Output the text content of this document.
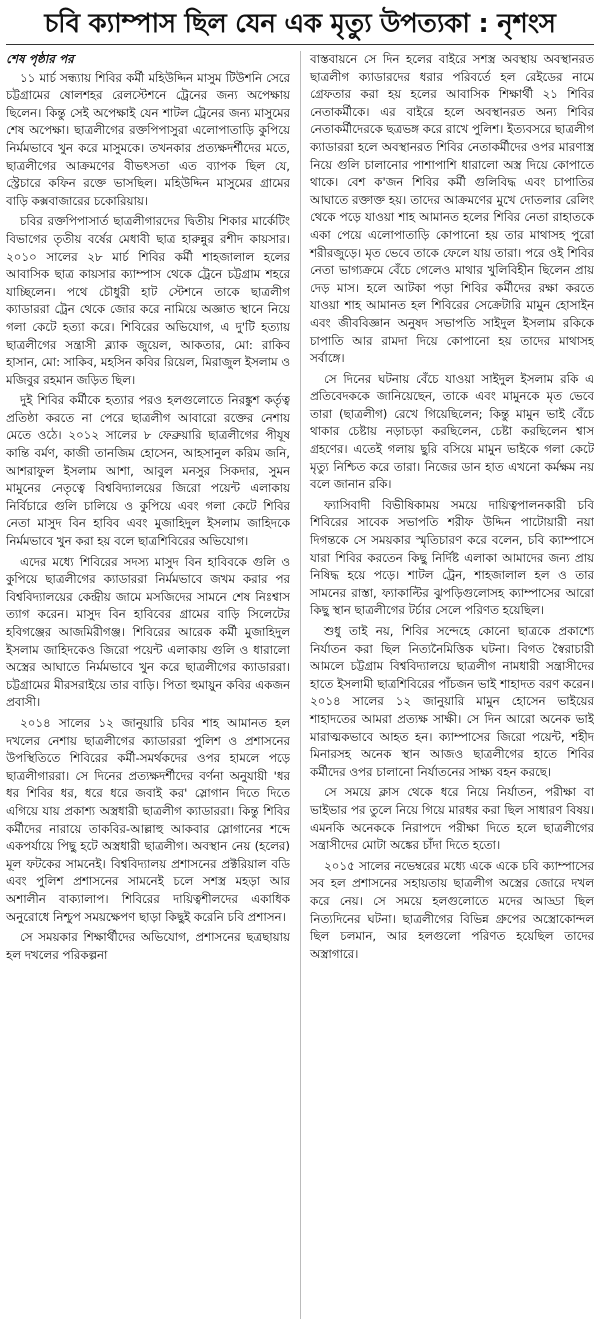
চবি ক্যাম্পাস ছিল যেন এক মৃত্যু উপত্যকা : নৃশংস
শেষ পৃষ্ঠার পর

১১ মার্চ সন্ধ্যায় শিবির কর্মী মহিউদ্দিন মাসুম টিউশনি সেরে চট্টগ্রামের ষোলশহর রেলস্টেশনে ট্রেনের জন্য অপেক্ষায় ছিলেন। কিন্তু সেই অপেক্ষাই যেন শাটল ট্রেনের জন্য মাসুমের শেষ অপেক্ষা। ছাত্রলীগের রক্তপিপাসুরা এলোপাতাড়ি কুপিয়ে নির্মমভাবে খুন করে মাসুমকে। তখনকার প্রত্যক্ষদর্শীদের মতে, ছাত্রলীগের আক্রমণের বীভৎসতা এত ব্যাপক ছিল যে, স্ট্রেচারে কফিন রক্তে ভাসছিল। মহিউদ্দিন মাসুমের গ্রামের বাড়ি কক্সবাজারের চকোরিয়ায়।

চবির রক্তপিপাসার্ত ছাত্রলীগারদের দ্বিতীয় শিকার মার্কেটিং বিভাগের তৃতীয় বর্ষের মেধাবী ছাত্র হারুন্নুর রশীদ কায়সার। ২০১০ সালের ২৮ মার্চ শিবির কর্মী শাহজালাল হলের আবাসিক ছাত্র কায়সার ক্যাম্পাস থেকে ট্রেনে চট্টগ্রাম শহরে যাচ্ছিলেন। পথে চৌধুরী হাট স্টেশনে তাকে ছাত্রলীগ ক্যাডাররা ট্রেন থেকে জোর করে নামিয়ে অজ্ঞাত স্থানে নিয়ে গলা কেটে হত্যা করে। শিবিরের অভিযোগ, এ দু'টি হত্যায় ছাত্রলীগের সন্ত্রাসী ব্ল্যাক জুয়েল, আকতার, মো: রাকিব হাসান, মো: সাকিব, মহসিন কবির রিয়েল, মিরাজুল ইসলাম ও মজিবুর রহমান জড়িত ছিল।

দুই শিবির কর্মীকে হত্যার পরও হলগুলোতে নিরঙ্কুশ কর্তৃত্ব প্রতিষ্ঠা করতে না পেরে ছাত্রলীগ আবারো রক্তের নেশায় মেতে ওঠে। ২০১২ সালের ৮ ফেব্রুয়ারি ছাত্রলীগের পীযূষ কান্তি বর্মণ, কাজী তানজিম হোসেন, আহসানুল করিম জনি, আশরাফুল ইসলাম আশা, আবুল মনসুর সিকদার, সুমন মামুনের নেতৃত্বে বিশ্ববিদ্যালয়ের জিরো পয়েন্ট এলাকায় নির্বিচারে গুলি চালিয়ে ও কুপিয়ে এবং গলা কেটে শিবির নেতা মাসুদ বিন হাবিব এবং মুজাহিদুল ইসলাম জাহিদকে নির্মমভাবে খুন করা হয় বলে ছাত্রশিবিরের অভিযোগ।

এদের মধ্যে শিবিরের সদস্য মাসুদ বিন হাবিবকে গুলি ও কুপিয়ে ছাত্রলীগের ক্যাডাররা নির্মমভাবে জখম করার পর বিশ্ববিদ্যালয়ের কেন্দ্রীয় জামে মসজিদের সামনে শেষ নিঃশ্বাস ত্যাগ করেন। মাসুদ বিন হাবিবের গ্রামের বাড়ি সিলেটের হবিগঞ্জের আজমিরীগঞ্জ। শিবিরের আরেক কর্মী মুজাহিদুল ইসলাম জাহিদকেও জিরো পয়েন্ট এলাকায় গুলি ও ধারালো অস্ত্রের আঘাতে নির্মমভাবে খুন করে ছাত্রলীগের ক্যাডাররা। চট্টগ্রামের মীরসরাইয়ে তার বাড়ি। পিতা হুমায়ুন কবির একজন প্রবাসী।

২০১৪ সালের ১২ জানুয়ারি চবির শাহ আমানত হল দখলের নেশায় ছাত্রলীগের ক্যাডাররা পুলিশ ও প্রশাসনের উপস্থিতিতে শিবিরের কর্মী-সমর্থকদের ওপর হামলে পড়ে ছাত্রলীগাররা। সে দিনের প্রত্যক্ষদর্শীদের বর্ণনা অনুযায়ী 'ধর ধর শিবির ধর, ধরে ধরে জবাই কর' স্লোগান দিতে দিতে এগিয়ে যায় প্রকাশ্য অস্ত্রধারী ছাত্রলীগ ক্যাডাররা। কিন্তু শিবির কর্মীদের নারায়ে তাকবির-আল্লাহু আকবার স্লোগানের শব্দে একপর্যায়ে পিছু হটে অস্ত্রধারী ছাত্রলীগ। অবস্থান নেয় (হলের) মূল ফটকের সামনেই। বিশ্ববিদ্যালয় প্রশাসনের প্রক্টরিয়াল বডি এবং পুলিশ প্রশাসনের সামনেই চলে সশস্ত্র মহড়া আর অশালীন বাক্যালাপ। শিবিরের দায়িত্বশীলদের একাধিক অনুরোধে নিশ্চুপ সময়ক্ষেপণ ছাড়া কিছুই করেনি চবি প্রশাসন।

সে সময়কার শিক্ষার্থীদের অভিযোগ, প্রশাসনের ছত্রছায়ায় হল দখলের পরিকল্পনা

বাস্তবায়নে সে দিন হলের বাইরে সশস্ত্র অবস্থায় অবস্থানরত ছাত্রলীগ ক্যাডারদের ধরার পরিবর্তে হল রেইডের নামে গ্রেফতার করা হয় হলের আবাসিক শিক্ষার্থী ২১ শিবির নেতাকর্মীকে। এর বাইরে হলে অবস্থানরত অন্য শিবির নেতাকর্মীদেরকে ছত্রভঙ্গ করে রাখে পুলিশ। ইত্যবসরে ছাত্রলীগ ক্যাডাররা হলে অবস্থানরত শিবির নেতাকর্মীদের ওপর মারণাস্ত্র নিয়ে গুলি চালানোর পাশাপাশি ধারালো অস্ত্র দিয়ে কোপাতে থাকে। বেশ ক'জন শিবির কর্মী গুলিবিদ্ধ এবং চাপাতির আঘাতে রক্তাক্ত হয়। তাদের আক্রমণের মুখে দোতলার রেলিং থেকে পড়ে যাওয়া শাহ আমানত হলের শিবির নেতা রাহাতকে একা পেয়ে এলোপাতাড়ি কোপানো হয় তার মাথাসহ পুরো শরীরজুড়ে। মৃত ভেবে তাকে ফেলে যায় তারা। পরে ওই শিবির নেতা ভাগ্যক্রমে বেঁচে গেলেও মাথার খুলিবিহীন ছিলেন প্রায় দেড় মাস। হলে আটকা পড়া শিবির কর্মীদের রক্ষা করতে যাওয়া শাহ আমানত হল শিবিরের সেক্রেটারি মামুন হোসাইন এবং জীববিজ্ঞান অনুষদ সভাপতি সাইদুল ইসলাম রকিকে চাপাতি আর রামদা দিয়ে কোপানো হয় তাদের মাথাসহ সর্বাঙ্গে।

সে দিনের ঘটনায় বেঁচে যাওয়া সাইদুল ইসলাম রকি এ প্রতিবেদককে জানিয়েছেন, তাকে এবং মামুনকে মৃত ভেবে তারা (ছাত্রলীগ) রেখে গিয়েছিলেন; কিন্তু মামুন ভাই বেঁচে থাকার চেষ্টায় নড়াচড়া করছিলেন, চেষ্টা করছিলেন শ্বাস গ্রহণের। এতেই গলায় ছুরি বসিয়ে মামুন ভাইকে গলা কেটে মৃত্যু নিশ্চিত করে তারা। নিজের ডান হাত এখনো কর্মক্ষম নয় বলে জানান রকি।

ফ্যাসিবাদী বিভীষিকাময় সময়ে দায়িত্বপালনকারী চবি শিবিরের সাবেক সভাপতি শরীফ উদ্দিন পাটোয়ারী নয়া দিগন্তকে সে সময়কার স্মৃতিচারণ করে বলেন, চবি ক্যাম্পাসে যারা শিবির করতেন কিছু নির্দিষ্ট এলাকা আমাদের জন্য প্রায় নিষিদ্ধ হয়ে পড়ে। শাটল ট্রেন, শাহজালাল হল ও তার সামনের রাস্তা, ফ্যাকাল্টির ঝুপড়িগুলোসহ ক্যাম্পাসের আরো কিছু স্থান ছাত্রলীগের টর্চার সেলে পরিণত হয়েছিল।

শুধু তাই নয়, শিবির সন্দেহে কোনো ছাত্রকে প্রকাশ্যে নির্যাতন করা ছিল নিত্যনৈমিত্তিক ঘটনা। বিগত স্বৈরাচারী আমলে চট্টগ্রাম বিশ্ববিদ্যালয়ে ছাত্রলীগ নামধারী সন্ত্রাসীদের হাতে ইসলামী ছাত্রশিবিরের পাঁচজন ভাই শাহাদত বরণ করেন। ২০১৪ সালের ১২ জানুয়ারি মামুন হোসেন ভাইয়ের শাহাদতের আমরা প্রত্যক্ষ সাক্ষী। সে দিন আরো অনেক ভাই মারাত্মকভাবে আহত হন। ক্যাম্পাসের জিরো পয়েন্ট, শহীদ মিনারসহ অনেক স্থান আজও ছাত্রলীগের হাতে শিবির কর্মীদের ওপর চালানো নির্যাতনের সাক্ষ্য বহন করছে।

সে সময়ে ক্লাস থেকে ধরে নিয়ে নির্যাতন, পরীক্ষা বা ভাইভার পর তুলে নিয়ে গিয়ে মারধর করা ছিল সাধারণ বিষয়। এমনকি অনেককে নিরাপদে পরীক্ষা দিতে হলে ছাত্রলীগের সন্ত্রাসীদের মোটা অঙ্কের চাঁদা দিতে হতো।

২০১৫ সালের নভেম্বরের মধ্যে একে একে চবি ক্যাম্পাসের সব হল প্রশাসনের সহায়তায় ছাত্রলীগ অস্ত্রের জোরে দখল করে নেয়। সে সময়ে হলগুলোতে মদের আড্ডা ছিল নিত্যদিনের ঘটনা। ছাত্রলীগের বিভিন্ন গ্রুপের অস্ত্রোকোন্দল ছিল চলমান, আর হলগুলো পরিণত হয়েছিল তাদের অস্ত্রাগারে।
